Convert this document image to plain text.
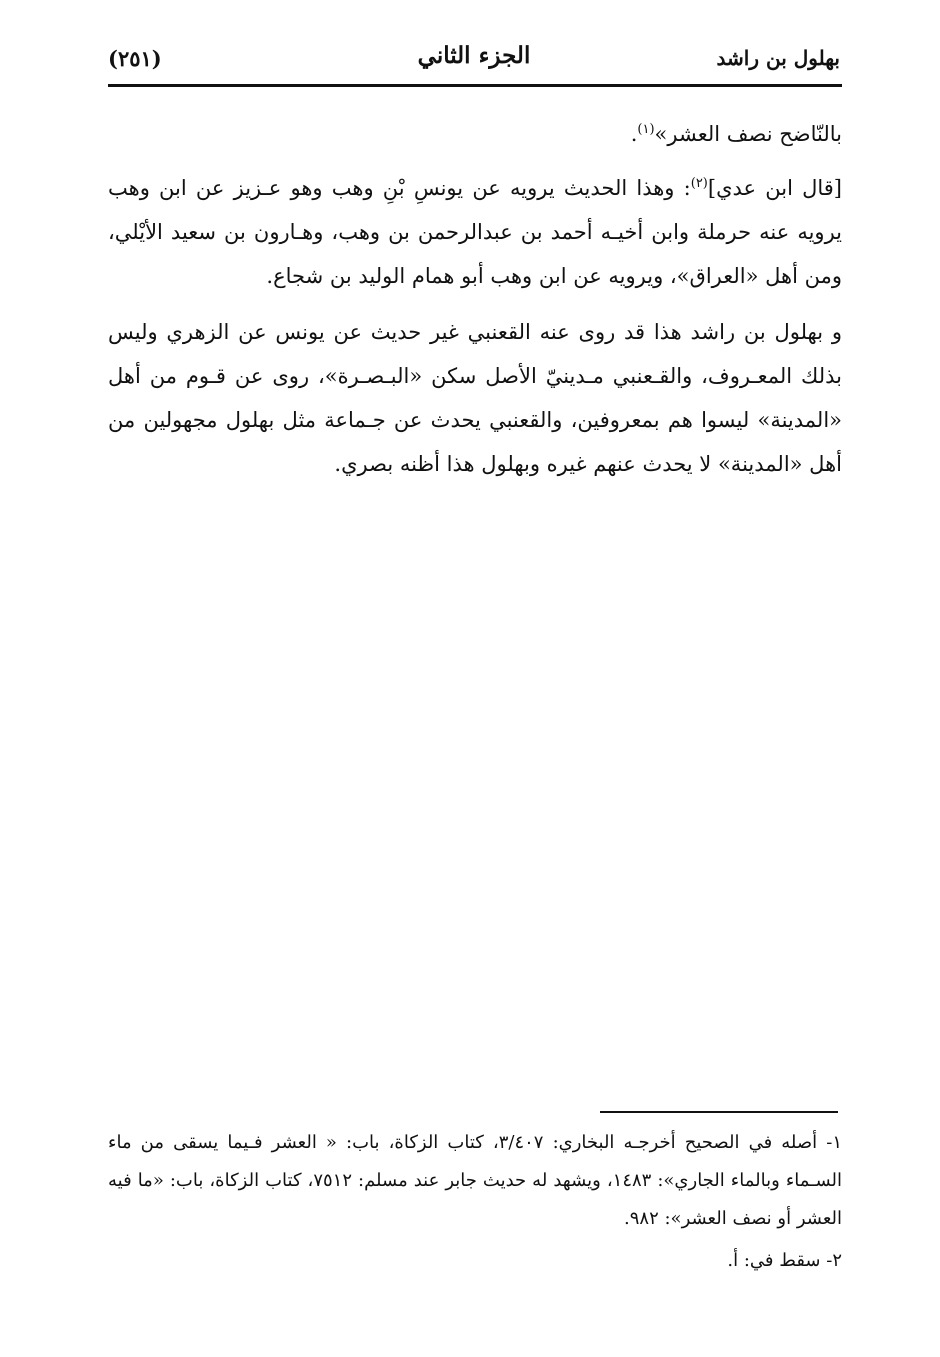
بهلول بن راشد
الجزء الثاني
(٢٥١)

بالنّاضح نصف العشر»$^{(١)}$.

[قال ابن عدي]$^{(٢)}$: وهذا الحديث يرويه عن يونسِ بْنِ وهب وهو عـزيز عن ابن وهب يرويه عنه حرملة وابن أخيـه أحمد بن عبدالرحمن بن وهب، وهـارون بن سعيد الأيْلي، ومن أهل «العراق»، ويرويه عن ابن وهب أبو همام الوليد بن شجاع.

و بهلول بن راشد هذا قد روى عنه القعنبي غير حديث عن يونس عن الزهري وليس بذلك المعـروف، والقـعنبي مـدينيّ الأصل سكن «البـصـرة»، روى عن قـوم من أهل «المدينة» ليسوا هم بمعروفين، والقعنبي يحدث عن جـماعة مثل بهلول مجهولين من أهل «المدينة» لا يحدث عنهم غيره وبهلول هذا أظنه بصري.

١- أصله في الصحيح أخرجـه البخاري: ٣/٤٠٧، كتاب الزكاة، باب: « العشر فـيما يسقى من ماء السـماء وبالماء الجاري»: ١٤٨٣، ويشهد له حديث جابر عند مسلم: ٧٥١٢، كتاب الزكاة، باب: «ما فيه العشر أو نصف العشر»: ٩٨٢.

٢- سقط في: أ.
